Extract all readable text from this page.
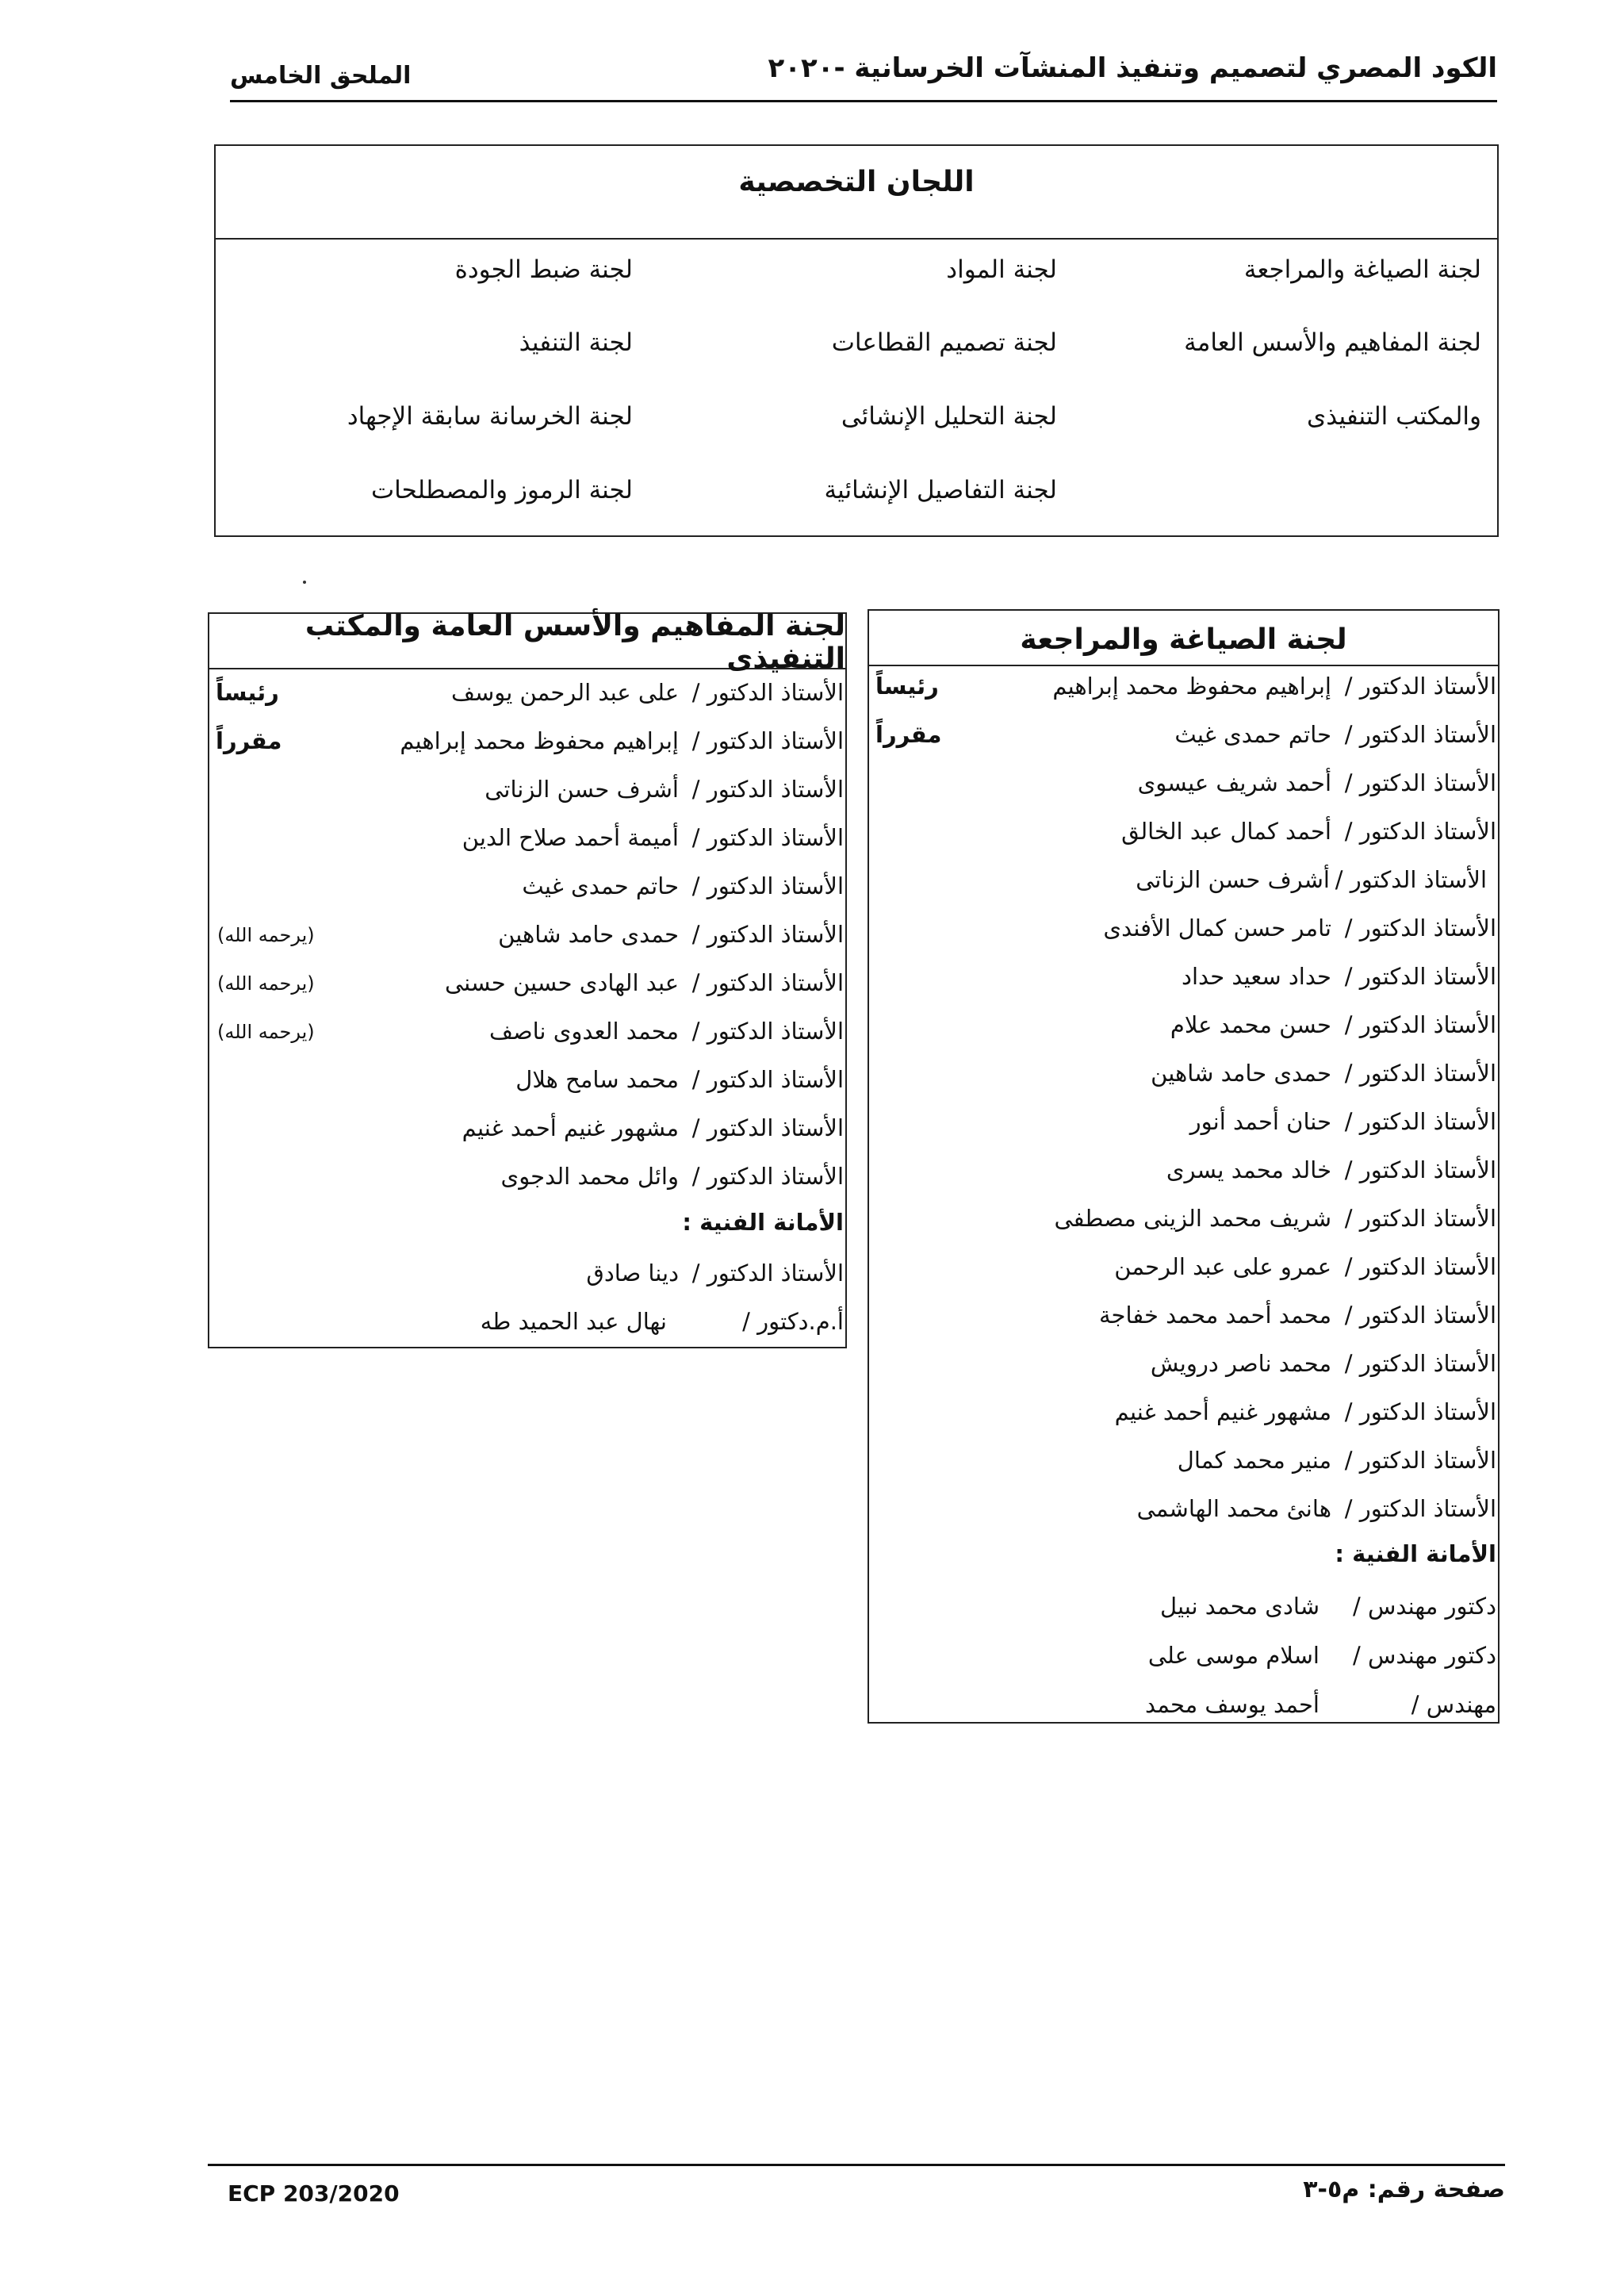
الكود المصري لتصميم وتنفيذ المنشآت الخرسانية -٢٠٢٠
الملحق الخامس
اللجان التخصصية
لجنة الصياغة والمراجعة
لجنة المفاهيم والأسس العامة
والمكتب التنفيذى
لجنة المواد
لجنة تصميم القطاعات
لجنة التحليل الإنشائى
لجنة التفاصيل الإنشائية
لجنة ضبط الجودة
لجنة التنفيذ
لجنة الخرسانة سابقة الإجهاد
لجنة الرموز والمصطلحات
لجنة الصياغة والمراجعة
الأستاذ الدكتور /
إبراهيم محفوظ محمد إبراهيم
رئيساً
الأستاذ الدكتور /
حاتم حمدى غيث
مقرراً
الأستاذ الدكتور /
أحمد شريف عيسوى
الأستاذ الدكتور /
أحمد كمال عبد الخالق
الأستاذ الدكتور /
أشرف حسن الزناتى
الأستاذ الدكتور /
تامر حسن كمال الأفندى
الأستاذ الدكتور /
حداد سعيد حداد
الأستاذ الدكتور /
حسن محمد علام
الأستاذ الدكتور /
حمدى حامد شاهين
الأستاذ الدكتور /
حنان أحمد أنور
الأستاذ الدكتور /
خالد محمد يسرى
الأستاذ الدكتور /
شريف محمد الزينى مصطفى
الأستاذ الدكتور /
عمرو على عبد الرحمن
الأستاذ الدكتور /
محمد أحمد محمد خفاجة
الأستاذ الدكتور /
محمد ناصر درويش
الأستاذ الدكتور /
مشهور غنيم أحمد غنيم
الأستاذ الدكتور /
منير محمد كمال
الأستاذ الدكتور /
هانئ محمد الهاشمى
الأمانة الفنية :
دكتور مهندس /
شادى محمد نبيل
دكتور مهندس /
اسلام موسى على
مهندس /
أحمد يوسف محمد
لجنة المفاهيم والأسس العامة والمكتب التنفيذى
الأستاذ الدكتور /
على عبد الرحمن يوسف
رئيساً
الأستاذ الدكتور /
إبراهيم محفوظ محمد إبراهيم
مقرراً
الأستاذ الدكتور /
أشرف حسن الزناتى
الأستاذ الدكتور /
أميمة أحمد صلاح الدين
الأستاذ الدكتور /
حاتم حمدى غيث
الأستاذ الدكتور /
حمدى حامد شاهين
(يرحمه الله)
الأستاذ الدكتور /
عبد الهادى حسين حسنى
(يرحمه الله)
الأستاذ الدكتور /
محمد العدوى ناصف
(يرحمه الله)
الأستاذ الدكتور /
محمد سامح هلال
الأستاذ الدكتور /
مشهور غنيم أحمد غنيم
الأستاذ الدكتور /
وائل محمد الدجوى
الأمانة الفنية :
الأستاذ الدكتور /
دينا صادق
أ.م.دكتور /
نهال عبد الحميد طه
ECP 203/2020	صفحة رقم: م٥-٣
